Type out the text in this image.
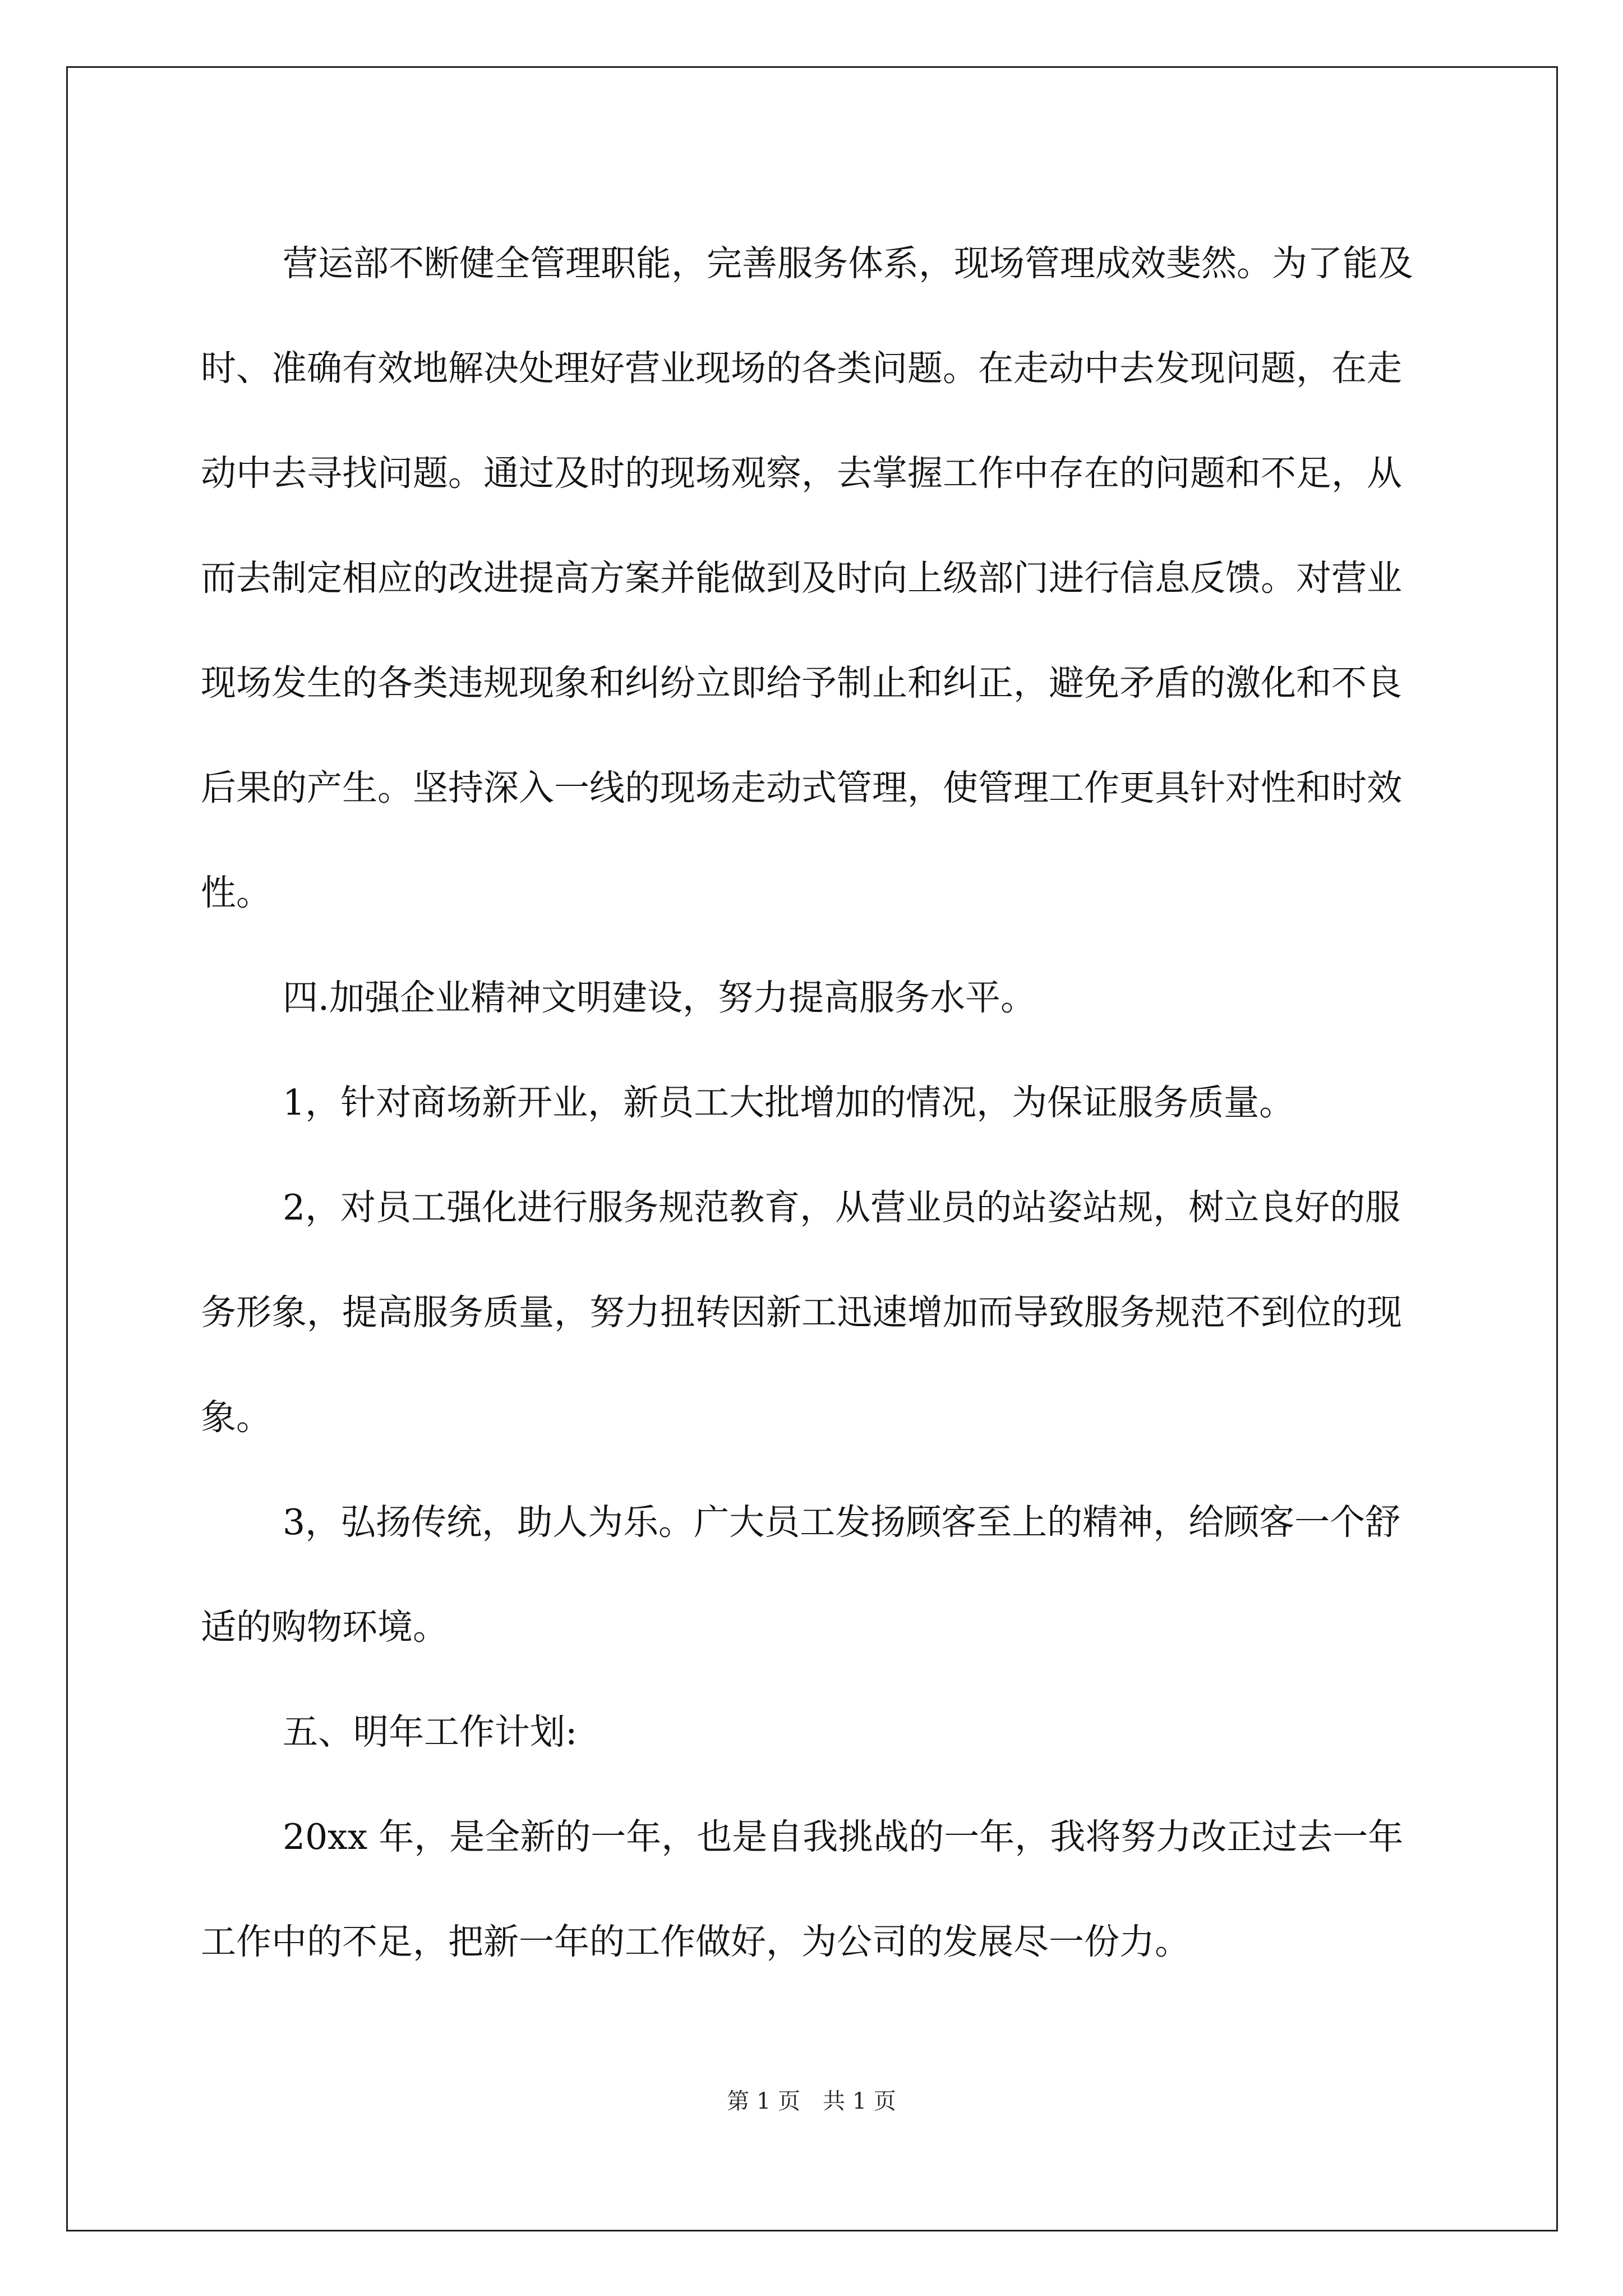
营运部不断健全管理职能，完善服务体系，现场管理成效斐然。为了能及时、准确有效地解决处理好营业现场的各类问题。在走动中去发现问题，在走动中去寻找问题。通过及时的现场观察，去掌握工作中存在的问题和不足，从而去制定相应的改进提高方案并能做到及时向上级部门进行信息反馈。对营业现场发生的各类违规现象和纠纷立即给予制止和纠正，避免矛盾的激化和不良后果的产生。坚持深入一线的现场走动式管理，使管理工作更具针对性和时效性。

四.加强企业精神文明建设，努力提高服务水平。

1，针对商场新开业，新员工大批增加的情况，为保证服务质量。

2，对员工强化进行服务规范教育，从营业员的站姿站规，树立良好的服务形象，提高服务质量，努力扭转因新工迅速增加而导致服务规范不到位的现象。

3，弘扬传统，助人为乐。广大员工发扬顾客至上的精神，给顾客一个舒适的购物环境。

五、明年工作计划:

20xx 年，是全新的一年，也是自我挑战的一年，我将努力改正过去一年工作中的不足，把新一年的工作做好，为公司的发展尽一份力。

第 1 页　共 1 页
